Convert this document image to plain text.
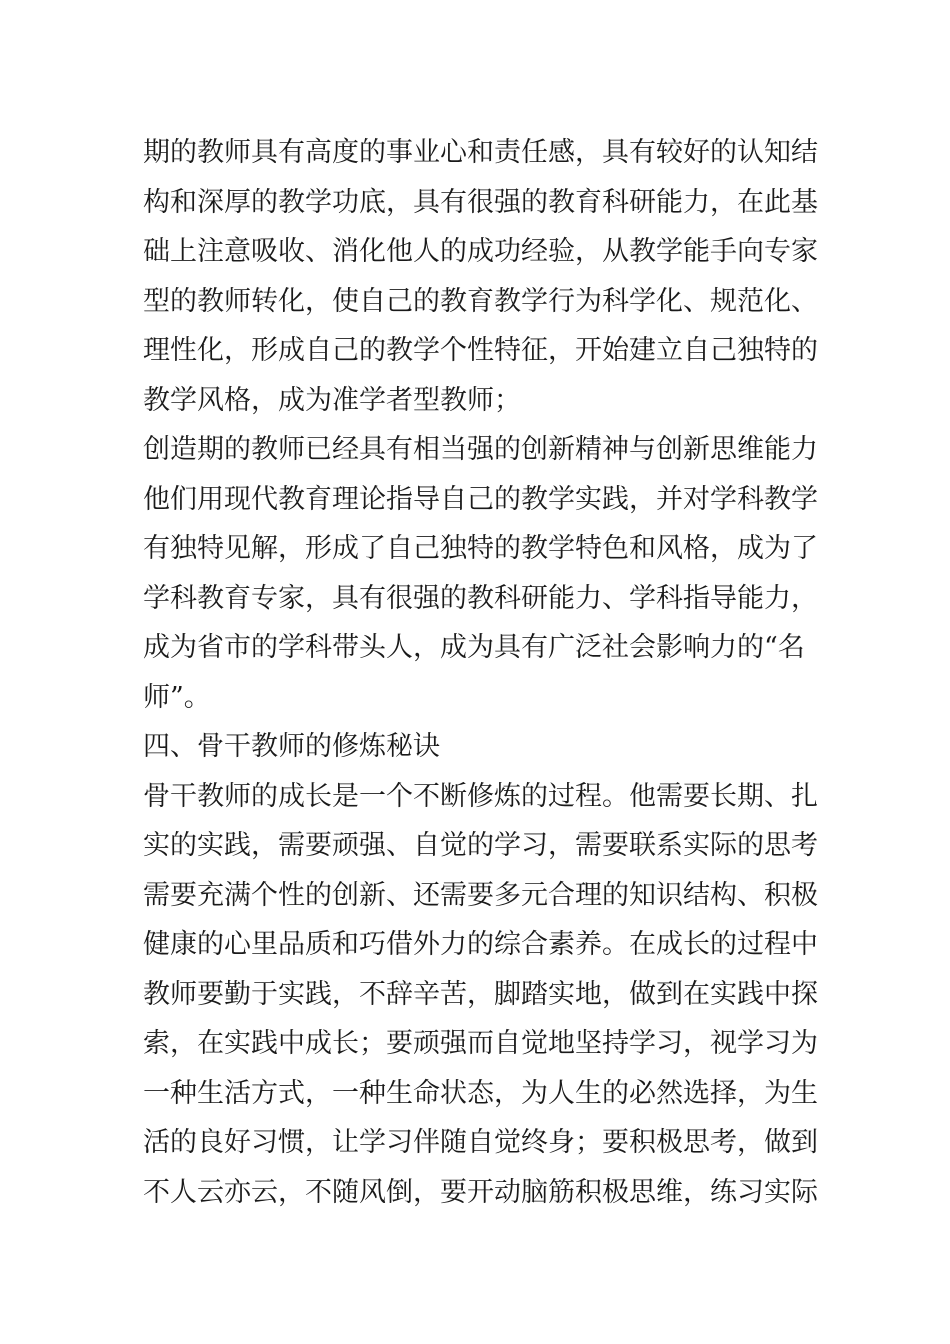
期的教师具有高度的事业心和责任感，具有较好的认知结
构和深厚的教学功底，具有很强的教育科研能力，在此基
础上注意吸收、消化他人的成功经验，从教学能手向专家
型的教师转化，使自己的教育教学行为科学化、规范化、
理性化，形成自己的教学个性特征，开始建立自己独特的
教学风格，成为准学者型教师；
创造期的教师已经具有相当强的创新精神与创新思维能力
他们用现代教育理论指导自己的教学实践，并对学科教学
有独特见解，形成了自己独特的教学特色和风格，成为了
学科教育专家，具有很强的教科研能力、学科指导能力，
成为省市的学科带头人，成为具有广泛社会影响力的“名
师”。
四、骨干教师的修炼秘诀
骨干教师的成长是一个不断修炼的过程。他需要长期、扎
实的实践，需要顽强、自觉的学习，需要联系实际的思考
需要充满个性的创新、还需要多元合理的知识结构、积极
健康的心里品质和巧借外力的综合素养。在成长的过程中
教师要勤于实践，不辞辛苦，脚踏实地，做到在实践中探
索，在实践中成长；要顽强而自觉地坚持学习，视学习为
一种生活方式，一种生命状态，为人生的必然选择，为生
活的良好习惯，让学习伴随自觉终身；要积极思考，做到
不人云亦云，不随风倒，要开动脑筋积极思维，练习实际
